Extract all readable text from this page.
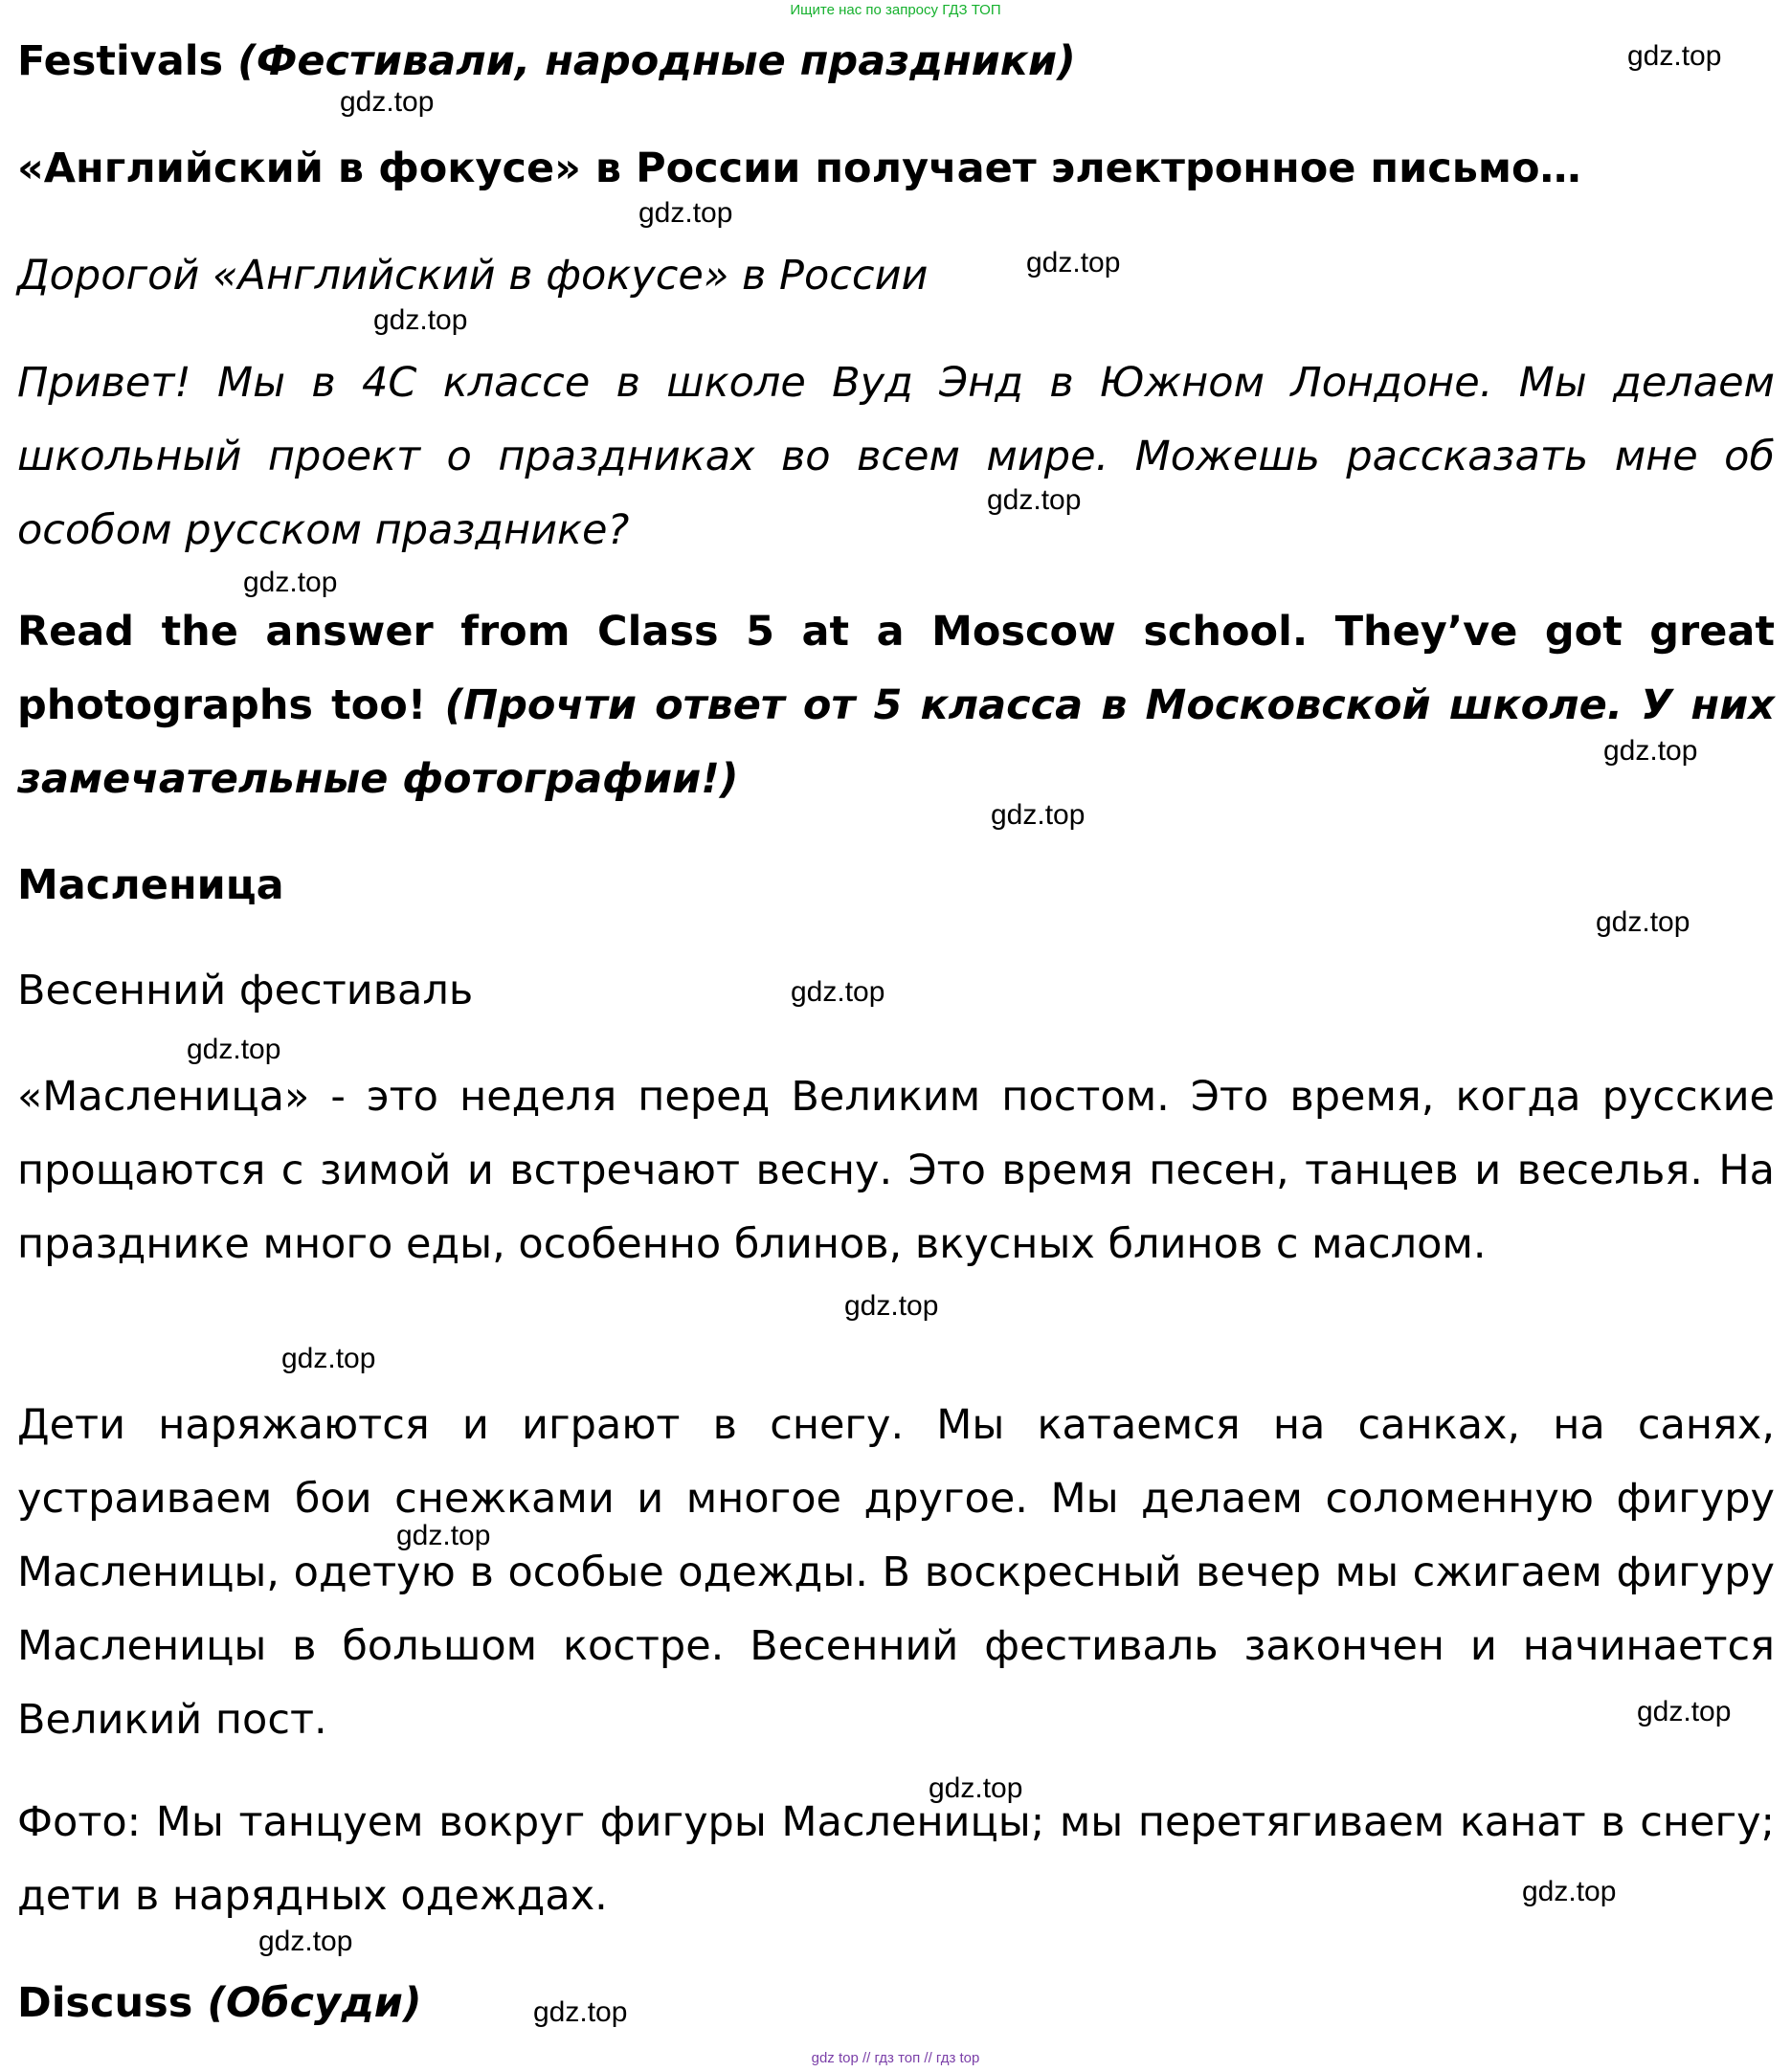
Ищите нас по запросу ГДЗ ТОП

Festivals (Фестивали, народные праздники)

«Английский в фокусе» в России получает электронное письмо…

Дорогой «Английский в фокусе» в России

Привет! Мы в 4С классе в школе Вуд Энд в Южном Лондоне. Мы делаем школьный проект о праздниках во всем мире. Можешь рассказать мне об особом русском празднике?

Read the answer from Class 5 at a Moscow school. They’ve got great photographs too! (Прочти ответ от 5 класса в Московской школе. У них замечательные фотографии!)

Масленица

Весенний фестиваль

«Масленица» - это неделя перед Великим постом. Это время, когда русские прощаются с зимой и встречают весну. Это время песен, танцев и веселья. На празднике много еды, особенно блинов, вкусных блинов с маслом.

Дети наряжаются и играют в снегу. Мы катаемся на санках, на санях, устраиваем бои снежками и многое другое. Мы делаем соломенную фигуру Масленицы, одетую в особые одежды. В воскресный вечер мы сжигаем фигуру Масленицы в большом костре. Весенний фестиваль закончен и начинается Великий пост.

Фото: Мы танцуем вокруг фигуры Масленицы; мы перетягиваем канат в снегу; дети в нарядных одеждах.

Discuss (Обсуди)

gdz.top
gdz.top
gdz.top
gdz.top
gdz.top
gdz.top
gdz.top
gdz.top
gdz.top
gdz.top
gdz.top
gdz.top
gdz.top
gdz.top
gdz.top
gdz.top
gdz.top
gdz.top
gdz.top
gdz.top
gdz top // гдз топ // гдз top
